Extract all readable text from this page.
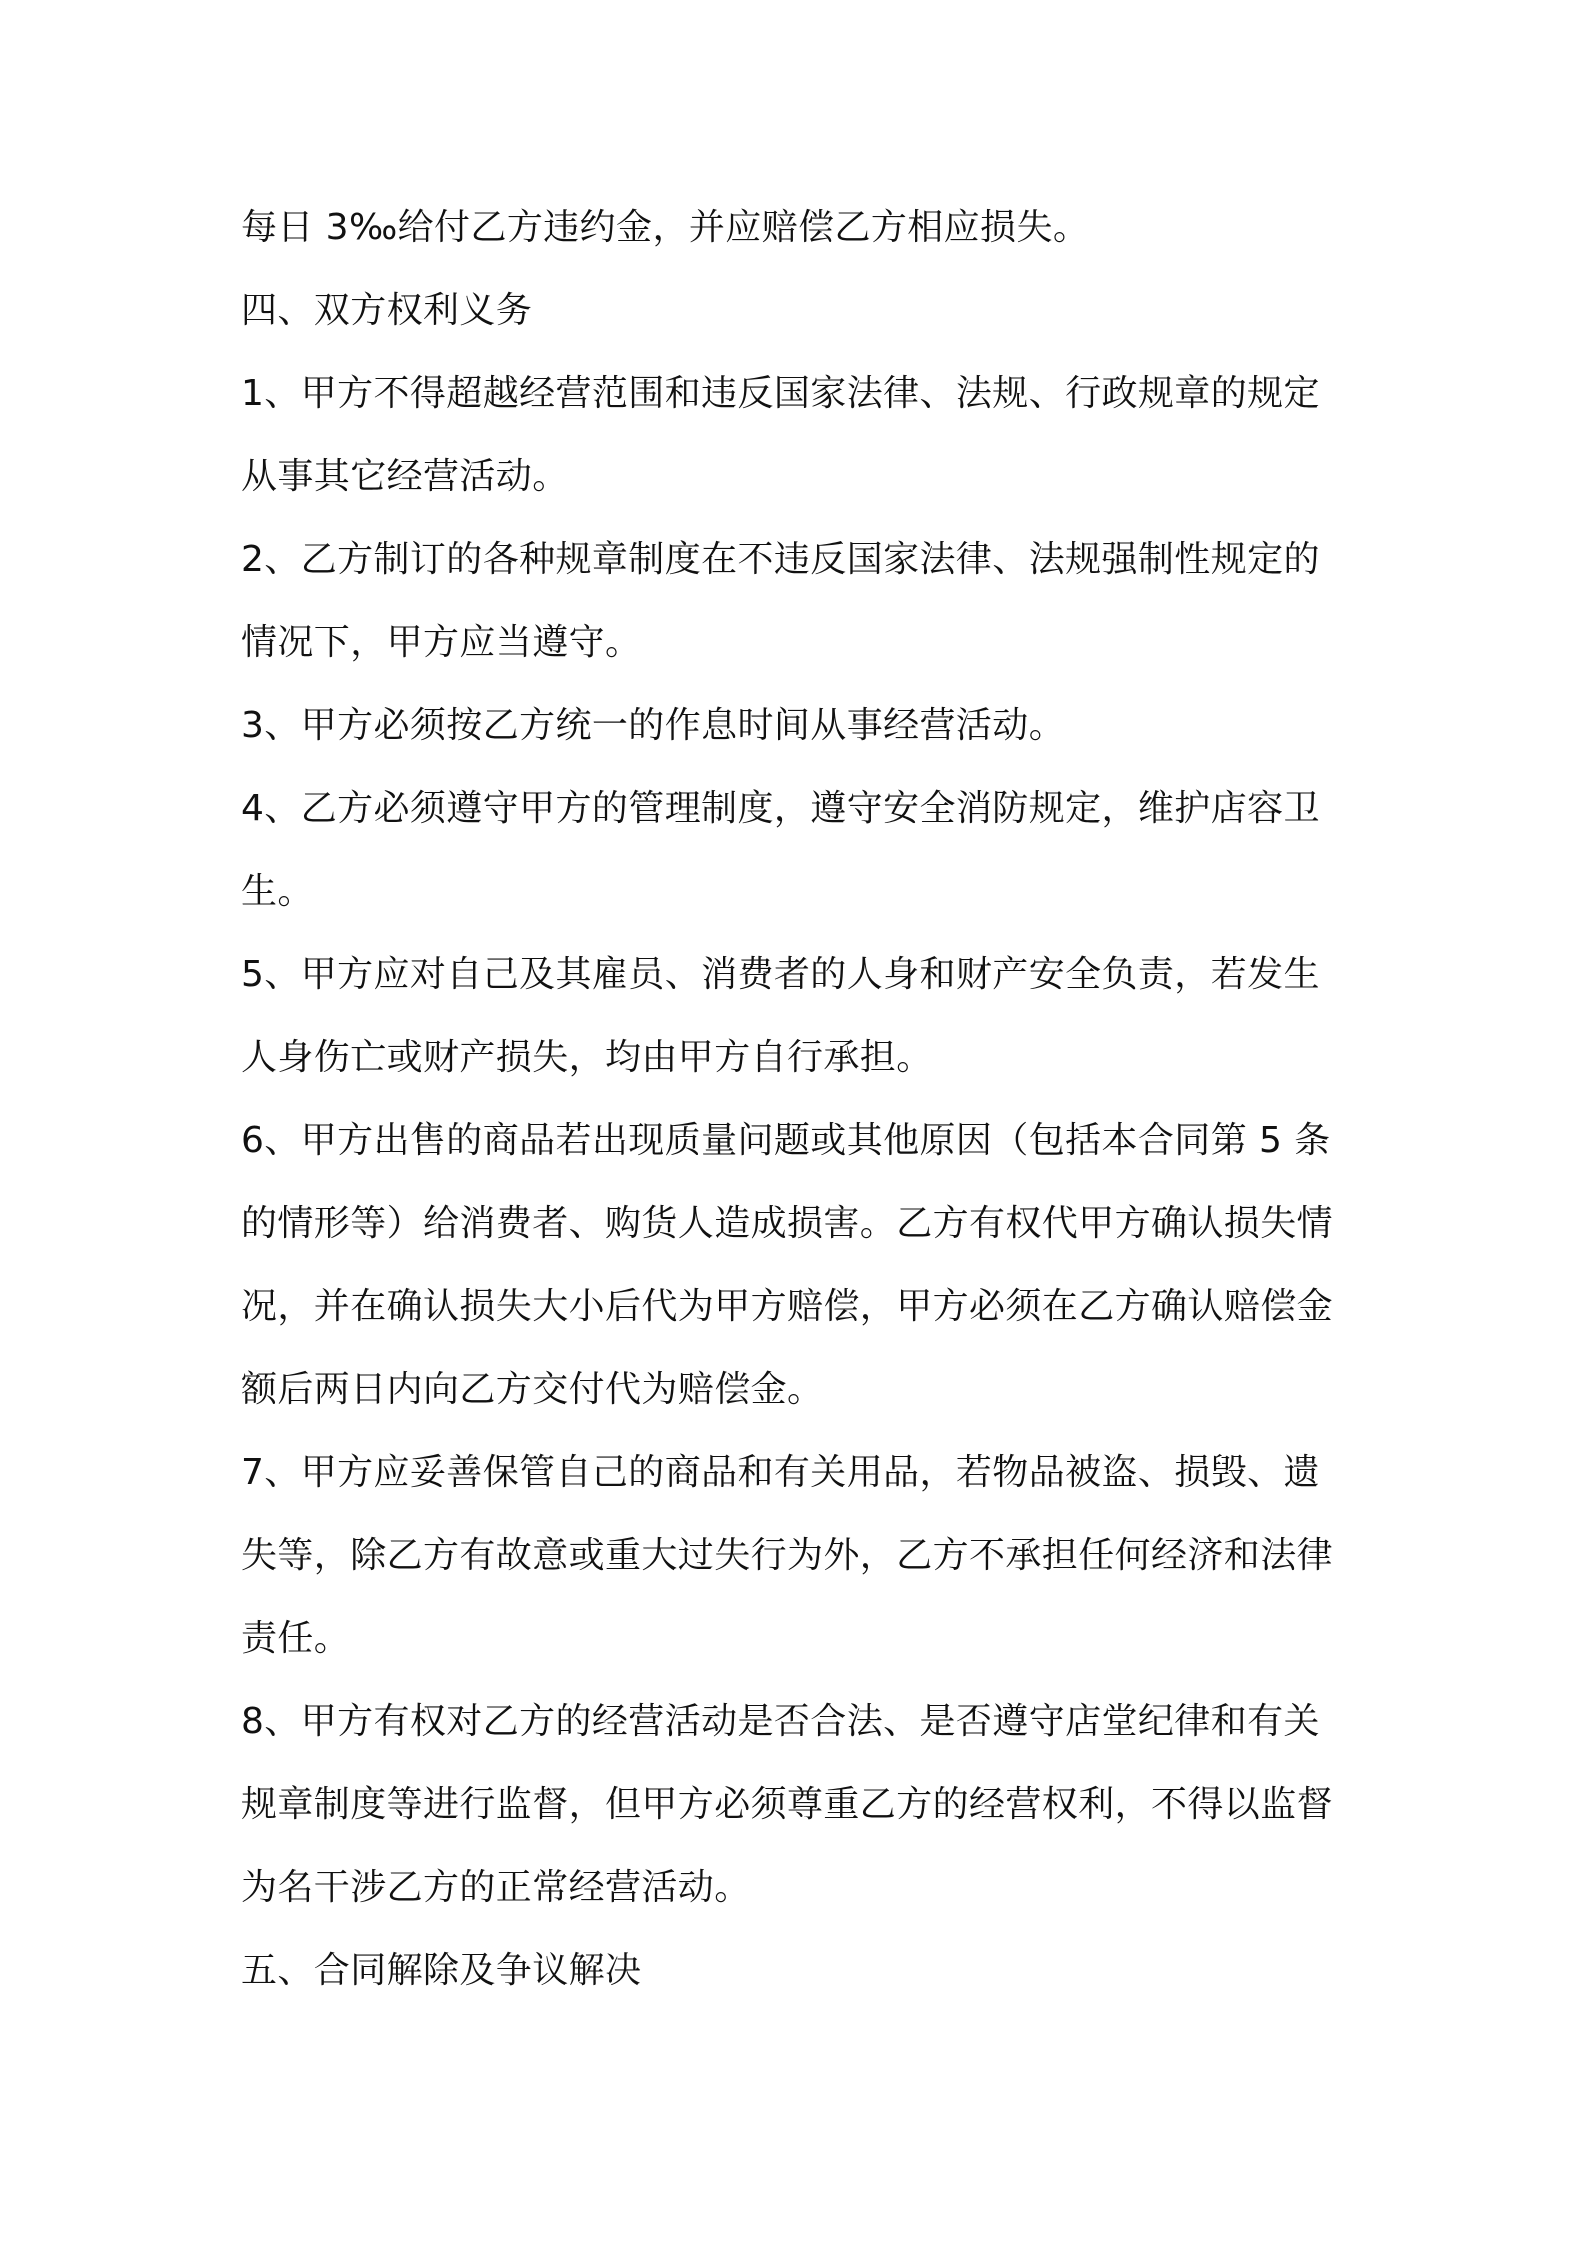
每日 3‰给付乙方违约金，并应赔偿乙方相应损失。
四、双方权利义务
1、甲方不得超越经营范围和违反国家法律、法规、行政规章的规定
从事其它经营活动。
2、乙方制订的各种规章制度在不违反国家法律、法规强制性规定的
情况下，甲方应当遵守。
3、甲方必须按乙方统一的作息时间从事经营活动。
4、乙方必须遵守甲方的管理制度，遵守安全消防规定，维护店容卫
生。
5、甲方应对自己及其雇员、消费者的人身和财产安全负责，若发生
人身伤亡或财产损失，均由甲方自行承担。
6、甲方出售的商品若出现质量问题或其他原因（包括本合同第 5 条
的情形等）给消费者、购货人造成损害。乙方有权代甲方确认损失情
况，并在确认损失大小后代为甲方赔偿，甲方必须在乙方确认赔偿金
额后两日内向乙方交付代为赔偿金。
7、甲方应妥善保管自己的商品和有关用品，若物品被盗、损毁、遗
失等，除乙方有故意或重大过失行为外，乙方不承担任何经济和法律
责任。
8、甲方有权对乙方的经营活动是否合法、是否遵守店堂纪律和有关
规章制度等进行监督，但甲方必须尊重乙方的经营权利，不得以监督
为名干涉乙方的正常经营活动。
五、合同解除及争议解决
